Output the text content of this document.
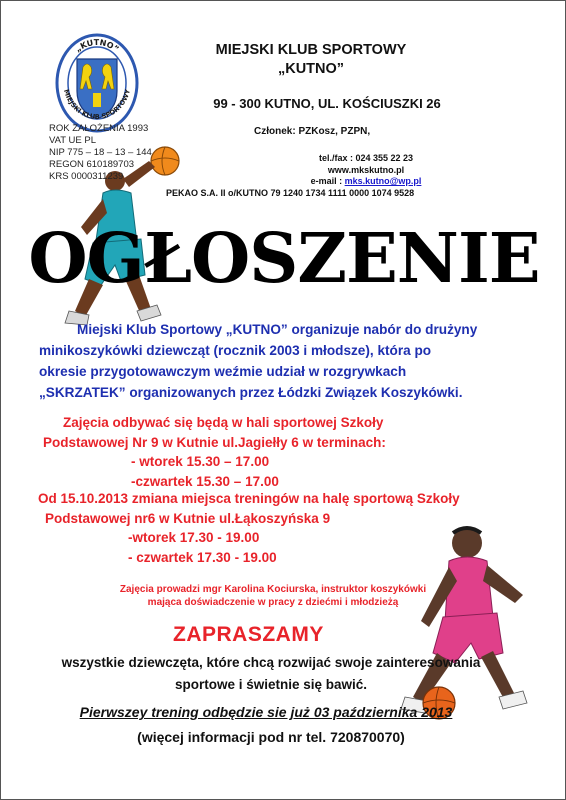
„KUTNO”
MIEJSKI KLUB SPORTOWY
MIEJSKI KLUB SPORTOWY
„KUTNO”
99 - 300 KUTNO, UL. KOŚCIUSZKI 26
Członek: PZKosz, PZPN,
tel./fax : 024 355 22 23
www.mkskutno.pl
e-mail : mks.kutno@wp.pl
PEKAO S.A. II o/KUTNO 79 1240 1734 1111 0000 1074 9528
ROK ZAŁOŻENIA 1993
VAT UE PL
NIP 775 – 18 – 13 – 144
REGON 610189703
KRS 0000311239
OGŁOSZENIE

Miejski Klub Sportowy „KUTNO” organizuje nabór do drużyny

minikoszykówki dziewcząt (rocznik 2003 i młodsze), która po

okresie przygotowawczym weźmie udział w rozgrywkach

„SKRZATEK” organizowanych przez Łódzki Związek Koszykówki.

Zajęcia odbywać się będą w hali sportowej Szkoły

Podstawowej Nr 9 w Kutnie ul.Jagiełły 6 w terminach:

- wtorek 15.30 – 17.00

-czwartek 15.30 – 17.00

Od 15.10.2013 zmiana miejsca treningów na halę sportową Szkoły

Podstawowej nr6 w Kutnie ul.Łąkoszyńska 9

-wtorek 17.30 - 19.00

- czwartek 17.30 - 19.00

Zajęcia prowadzi mgr Karolina Kociurska, instruktor koszykówki
mająca doświadczenie w pracy z dziećmi i młodzieżą
ZAPRASZAMY
wszystkie dziewczęta, które chcą rozwijać swoje zainteresowania
sportowe i świetnie się bawić.
Pierwszey trening odbędzie sie już 03 października 2013
(więcej informacji pod nr tel. 720870070)
